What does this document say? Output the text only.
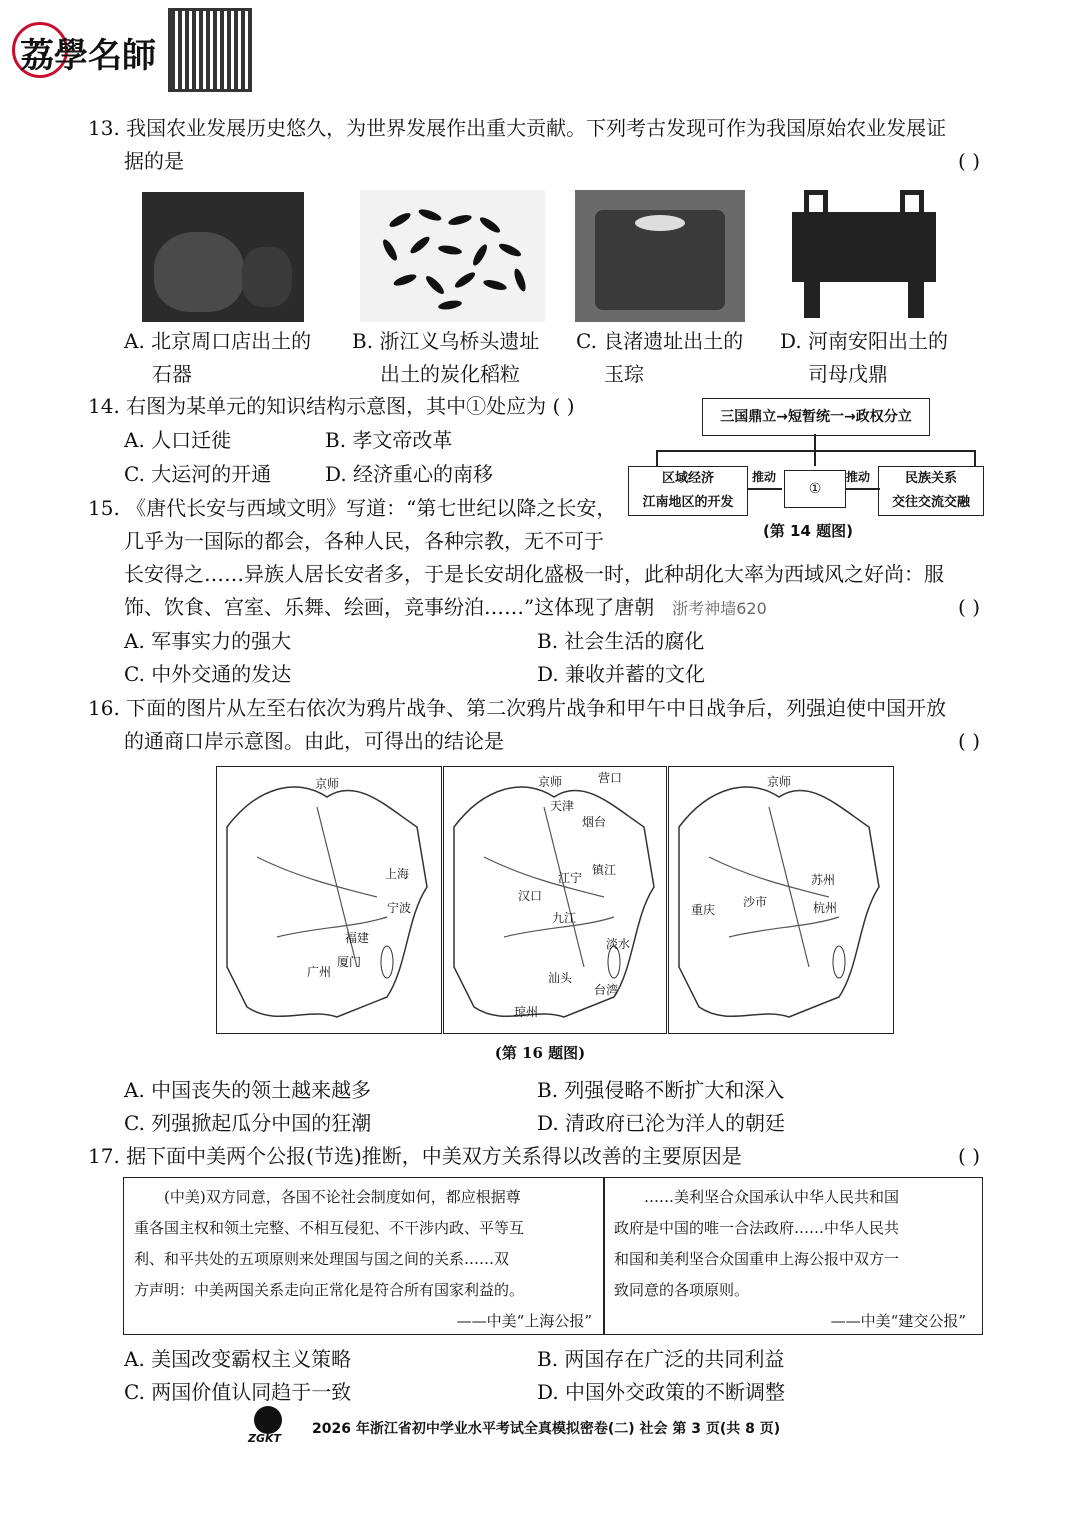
荔學名師
13. 我国农业发展历史悠久，为世界发展作出重大贡献。下列考古发现可作为我国原始农业发展证
据的是	( )
A. 北京周口店出土的
石器
B. 浙江义乌桥头遗址
出土的炭化稻粒
C. 良渚遗址出土的
玉琮
D. 河南安阳出土的
司母戊鼎
14. 右图为某单元的知识结构示意图，其中①处应为 ( )
A. 人口迁徙	B. 孝文帝改革
C. 大运河的开通	D. 经济重心的南移
三国鼎立→短暂统一→政权分立
区域经济
江南地区的开发
推动
①
推动	民族关系
交往交流交融
(第 14 题图)
15. 《唐代长安与西域文明》写道：“第七世纪以降之长安，
几乎为一国际的都会，各种人民，各种宗教，无不可于
长安得之……异族人居长安者多，于是长安胡化盛极一时，此种胡化大率为西域风之好尚：服
饰、饮食、宫室、乐舞、绘画，竞事纷泊……”这体现了唐朝 浙考神墙620	( )
A. 军事实力的强大	B. 社会生活的腐化
C. 中外交通的发达	D. 兼收并蓄的文化
16. 下面的图片从左至右依次为鸦片战争、第二次鸦片战争和甲午中日战争后，列强迫使中国开放
的通商口岸示意图。由此，可得出的结论是	( )
京师
上海
宁波
福建
厦门
广州
京师	营口
天津
烟台
镇江
江宁
汉口
九江
淡水
汕头
台湾
琼州
京师
苏州
重庆
沙市	杭州
(第 16 题图)
A. 中国丧失的领土越来越多	B. 列强侵略不断扩大和深入
C. 列强掀起瓜分中国的狂潮	D. 清政府已沦为洋人的朝廷
17. 据下面中美两个公报(节选)推断，中美双方关系得以改善的主要原因是	( )
(中美)双方同意，各国不论社会制度如何，都应根据尊
重各国主权和领土完整、不相互侵犯、不干涉内政、平等互
利、和平共处的五项原则来处理国与国之间的关系……双
方声明：中美两国关系走向正常化是符合所有国家利益的。
——中美“上海公报”
……美利坚合众国承认中华人民共和国
政府是中国的唯一合法政府……中华人民共
和国和美利坚合众国重申上海公报中双方一
致同意的各项原则。
——中美“建交公报”
A. 美国改变霸权主义策略	B. 两国存在广泛的共同利益
C. 两国价值认同趋于一致	D. 中国外交政策的不断调整
ZGKT
2026 年浙江省初中学业水平考试全真模拟密卷(二) 社会 第 3 页(共 8 页)
